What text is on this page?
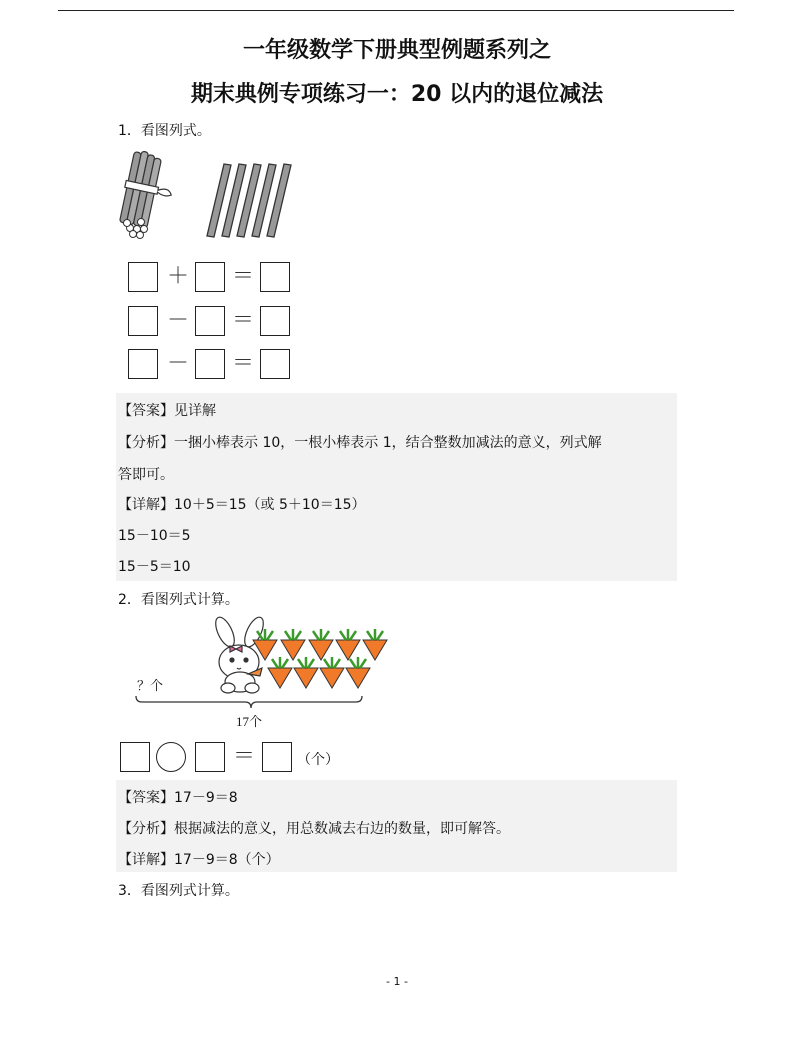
一年级数学下册典型例题系列之
期末典例专项练习一：20 以内的退位减法
1．看图列式。
＋ ＝
－ ＝
－ ＝
【答案】见详解
【分析】一捆小棒表示 10，一根小棒表示 1，结合整数加减法的意义，列式解
答即可。
【详解】10＋5＝15（或 5＋10＝15）
15－10＝5
15－5＝10
2．看图列式计算。
？个
17个
＝	（个）
【答案】17－9＝8
【分析】根据减法的意义，用总数减去右边的数量，即可解答。
【详解】17－9＝8（个）
3．看图列式计算。
- 1 -
